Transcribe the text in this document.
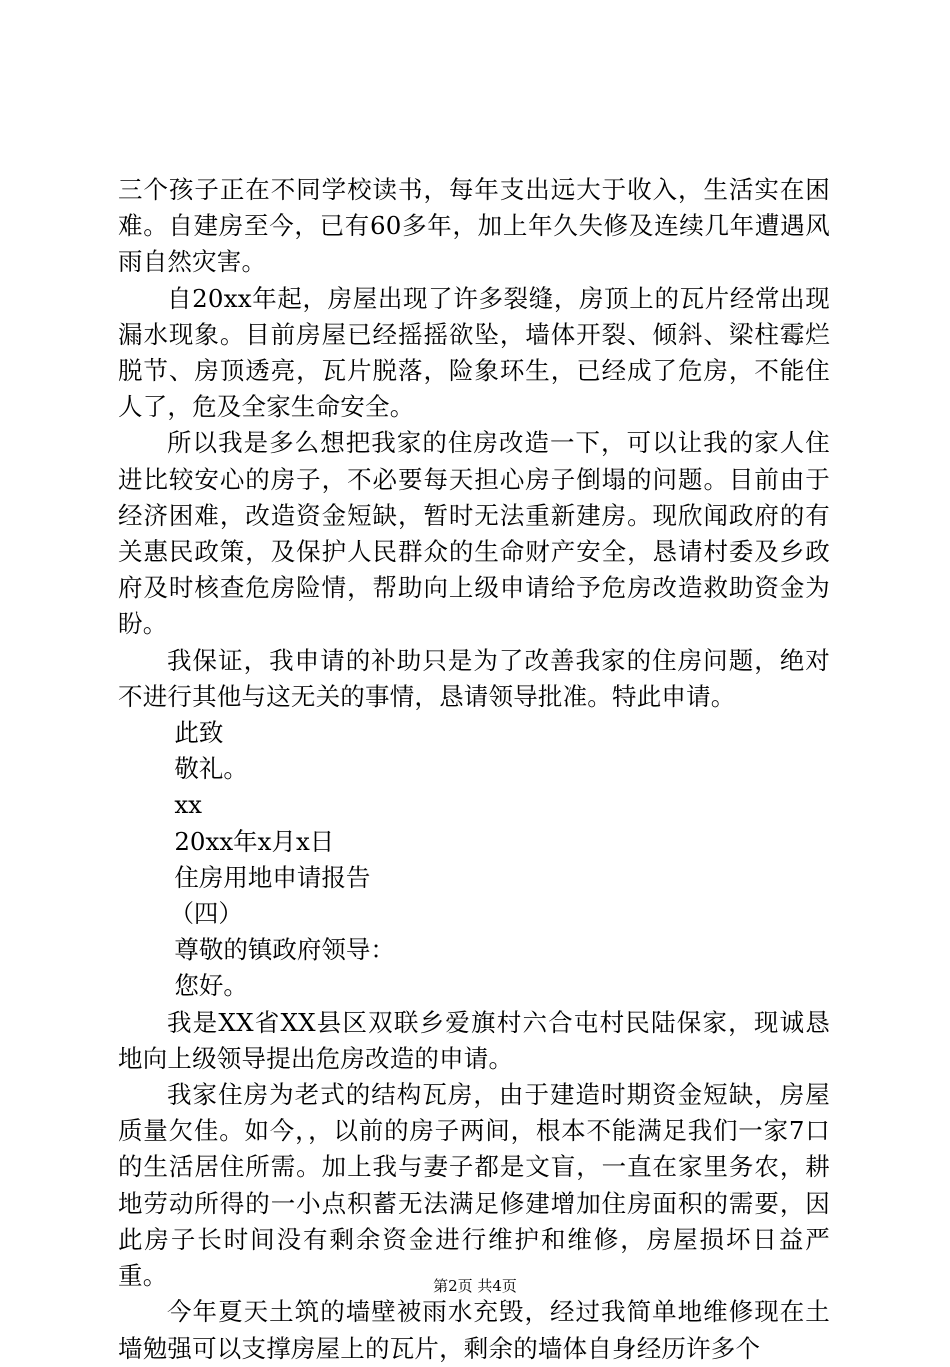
三个孩子正在不同学校读书，每年支出远大于收入，生活实在困难。自建房至今，已有60多年，加上年久失修及连续几年遭遇风雨自然灾害。

自20xx年起，房屋出现了许多裂缝，房顶上的瓦片经常出现漏水现象。目前房屋已经摇摇欲坠，墙体开裂、倾斜、梁柱霉烂脱节、房顶透亮，瓦片脱落，险象环生，已经成了危房，不能住人了，危及全家生命安全。

所以我是多么想把我家的住房改造一下，可以让我的家人住进比较安心的房子，不必要每天担心房子倒塌的问题。目前由于经济困难，改造资金短缺，暂时无法重新建房。现欣闻政府的有关惠民政策，及保护人民群众的生命财产安全，恳请村委及乡政府及时核查危房险情，帮助向上级申请给予危房改造救助资金为盼。

我保证，我申请的补助只是为了改善我家的住房问题，绝对不进行其他与这无关的事情，恳请领导批准。特此申请。

此致

敬礼。

xx

20xx年x月x日

住房用地申请报告

（四）

尊敬的镇政府领导：

您好。

我是XX省XX县区双联乡爱旗村六合屯村民陆保家，现诚恳地向上级领导提出危房改造的申请。

我家住房为老式的结构瓦房，由于建造时期资金短缺，房屋质量欠佳。如今，，以前的房子两间，根本不能满足我们一家7口的生活居住所需。加上我与妻子都是文盲，一直在家里务农，耕地劳动所得的一小点积蓄无法满足修建增加住房面积的需要，因此房子长时间没有剩余资金进行维护和维修，房屋损坏日益严重。

今年夏天土筑的墙壁被雨水充毁，经过我简单地维修现在土墙勉强可以支撑房屋上的瓦片，剩余的墙体自身经历许多个

第2页 共4页
